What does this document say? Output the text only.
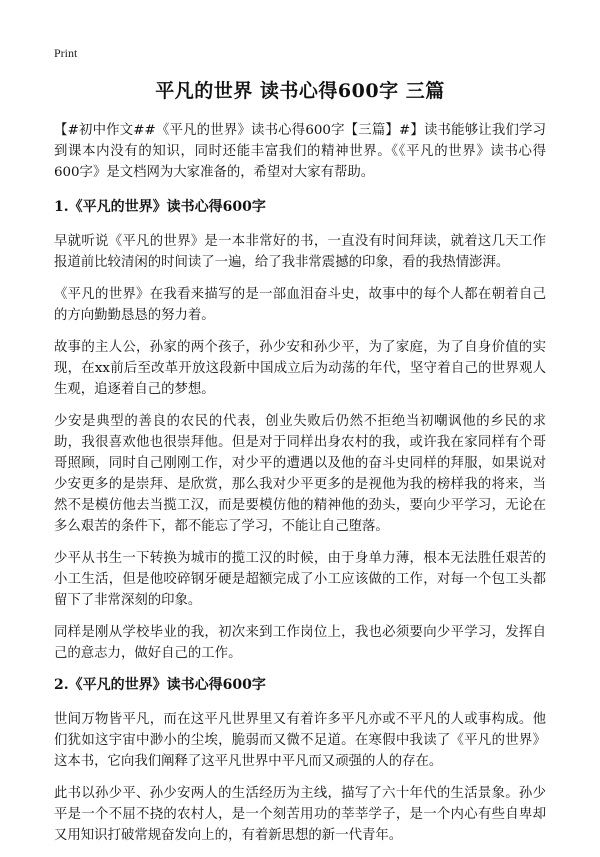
Print
平凡的世界 读书心得600字 三篇

【#初中作文##《平凡的世界》读书心得600字【三篇】#】读书能够让我们学习到课本内没有的知识，同时还能丰富我们的精神世界。《《平凡的世界》读书心得600字》是文档网为大家准备的，希望对大家有帮助。

1.《平凡的世界》读书心得600字

早就听说《平凡的世界》是一本非常好的书，一直没有时间拜读，就着这几天工作报道前比较清闲的时间读了一遍，给了我非常震撼的印象，看的我热情澎湃。

《平凡的世界》在我看来描写的是一部血泪奋斗史，故事中的每个人都在朝着自己的方向勤勤恳恳的努力着。

故事的主人公，孙家的两个孩子，孙少安和孙少平，为了家庭，为了自身价值的实现，在xx前后至改革开放这段新中国成立后为动荡的年代，坚守着自己的世界观人生观，追逐着自己的梦想。

少安是典型的善良的农民的代表，创业失败后仍然不拒绝当初嘲讽他的乡民的求助，我很喜欢他也很崇拜他。但是对于同样出身农村的我，或许我在家同样有个哥哥照顾，同时自己刚刚工作，对少平的遭遇以及他的奋斗史同样的拜服，如果说对少安更多的是崇拜、是欣赏，那么我对少平更多的是视他为我的榜样我的将来，当然不是模仿他去当揽工汉，而是要模仿他的精神他的劲头，要向少平学习，无论在多么艰苦的条件下，都不能忘了学习，不能让自己堕落。

少平从书生一下转换为城市的揽工汉的时候，由于身单力薄，根本无法胜任艰苦的小工生活，但是他咬碎钢牙硬是超额完成了小工应该做的工作，对每一个包工头都留下了非常深刻的印象。

同样是刚从学校毕业的我，初次来到工作岗位上，我也必须要向少平学习，发挥自己的意志力，做好自己的工作。

2.《平凡的世界》读书心得600字

世间万物皆平凡，而在这平凡世界里又有着许多平凡亦或不平凡的人或事构成。他们犹如这宇宙中渺小的尘埃，脆弱而又微不足道。在寒假中我读了《平凡的世界》这本书，它向我们阐释了这平凡世界中平凡而又顽强的人的存在。

此书以孙少平、孙少安两人的生活经历为主线，描写了六十年代的生活景象。孙少平是一个不屈不挠的农村人，是一个刻苦用功的莘莘学子，是一个内心有些自卑却又用知识打破常规奋发向上的，有着新思想的新一代青年。
